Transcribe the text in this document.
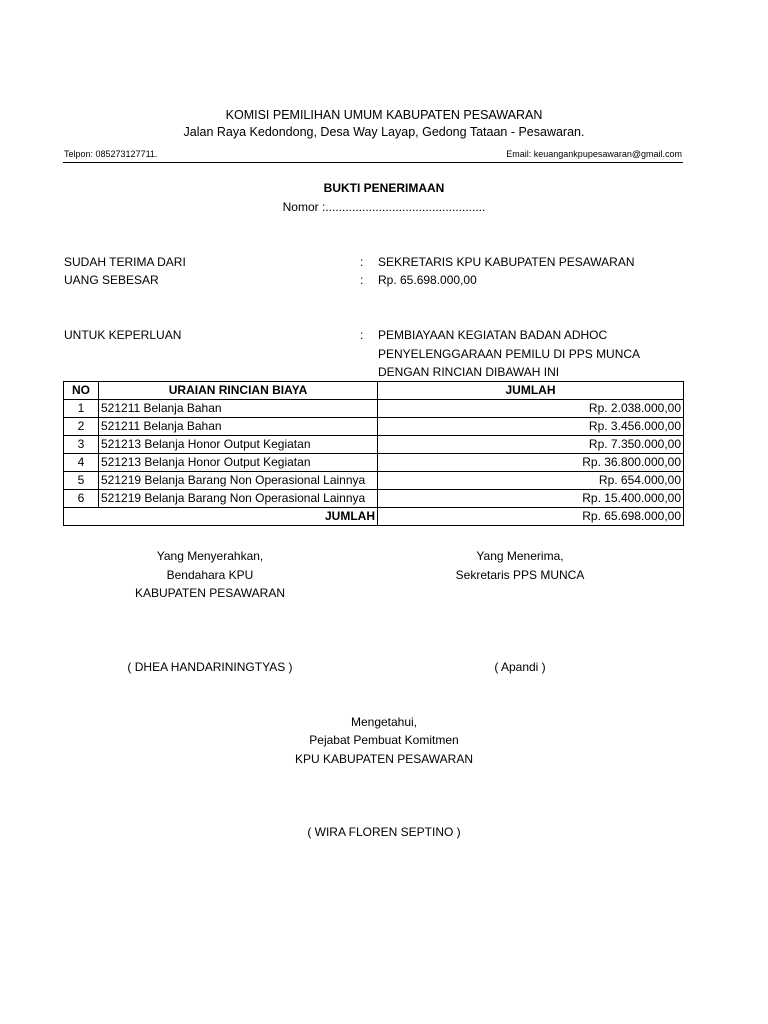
KOMISI PEMILIHAN UMUM KABUPATEN PESAWARAN
Jalan Raya Kedondong, Desa Way Layap, Gedong Tataan - Pesawaran.
Telpon: 085273127711.	Email: keuangankpupesawaran@gmail.com
BUKTI PENERIMAAN
Nomor :................................................
SUDAH TERIMA DARI	: SEKRETARIS KPU KABUPATEN PESAWARAN
UANG SEBESAR	: Rp. 65.698.000,00
UNTUK KEPERLUAN	: PEMBIAYAAN KEGIATAN BADAN ADHOC
PENYELENGGARAAN PEMILU DI PPS MUNCA
DENGAN RINCIAN DIBAWAH INI
NO	URAIAN RINCIAN BIAYA	JUMLAH
1	521211 Belanja Bahan	Rp. 2.038.000,00
2	521211 Belanja Bahan	Rp. 3.456.000,00
3	521213 Belanja Honor Output Kegiatan	Rp. 7.350.000,00
4	521213 Belanja Honor Output Kegiatan	Rp. 36.800.000,00
5	521219 Belanja Barang Non Operasional Lainnya	Rp. 654.000,00
6	521219 Belanja Barang Non Operasional Lainnya	Rp. 15.400.000,00
JUMLAH		Rp. 65.698.000,00
Yang Menyerahkan,
Bendahara KPU
KABUPATEN PESAWARAN
( DHEA HANDARININGTYAS )
Yang Menerima,
Sekretaris PPS MUNCA
( Apandi )
Mengetahui,
Pejabat Pembuat Komitmen
KPU KABUPATEN PESAWARAN
( WIRA FLOREN SEPTINO )
